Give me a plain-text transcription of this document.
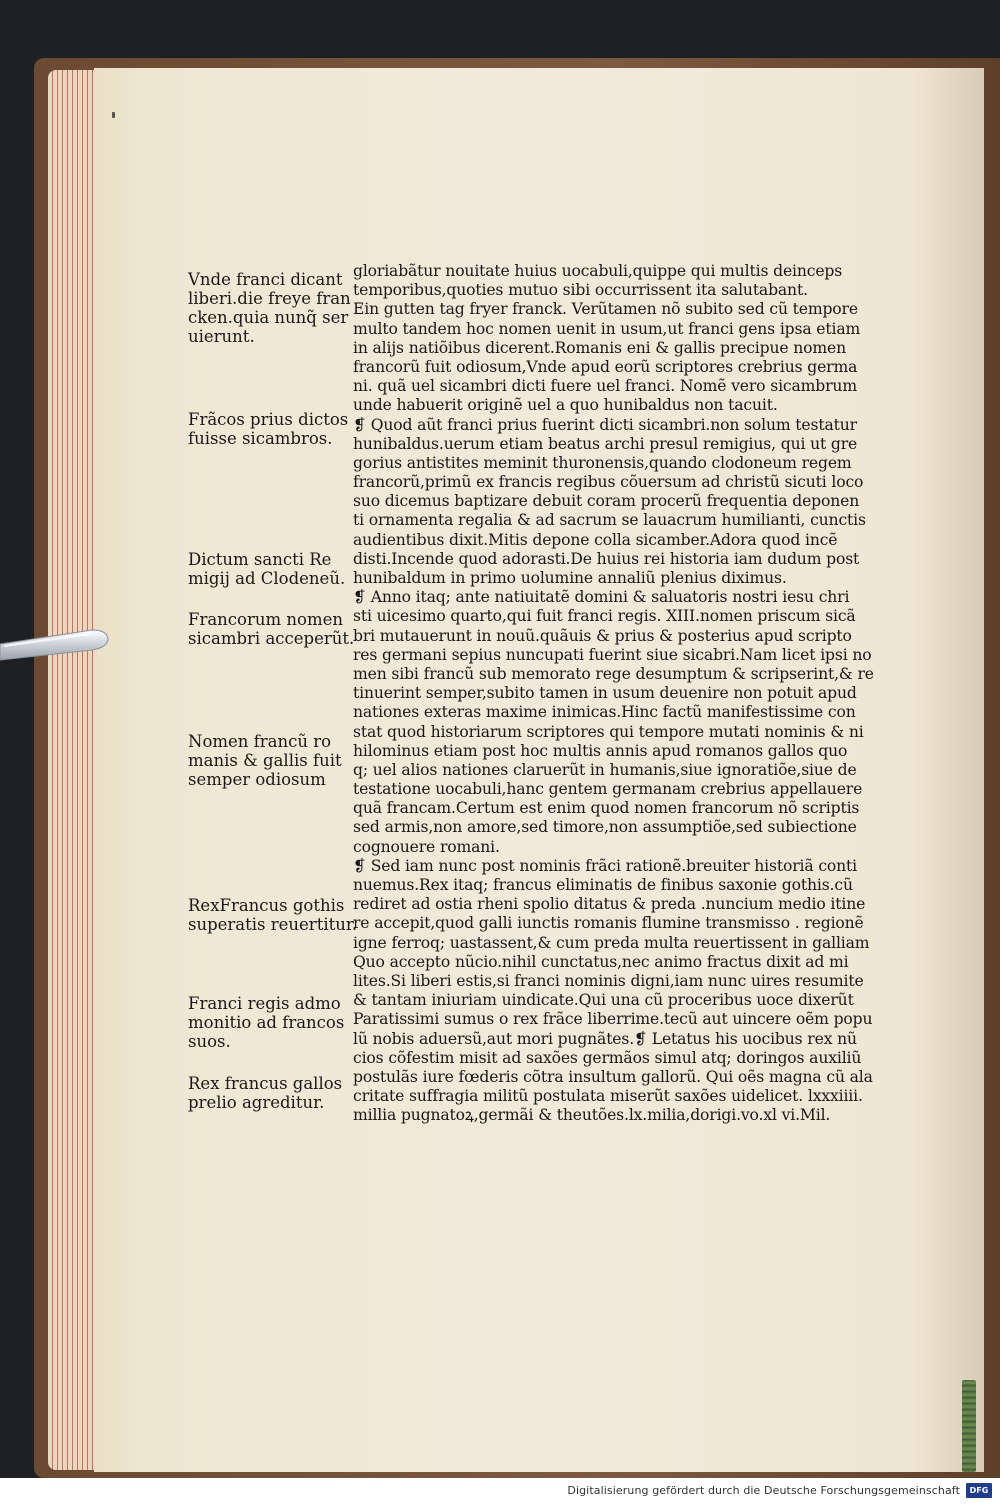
Vnde franci dicant
liberi.die freye fran
cken.quia nunq̃ ser
uierunt.
Frãcos prius dictos
fuisse sicambros.
Dictum sancti Re
migij ad Clodeneũ.
Francorum nomen
sicambri acceperũt.
Nomen francũ ro
manis & gallis fuit
semper odiosum
RexFrancus gothis
superatis reuertitur.
Franci regis admo
monitio ad francos
suos.
Rex francus gallos
prelio agreditur.
gloriabãtur nouitate huius uocabuli,quippe qui multis deinceps
temporibus,quoties mutuo sibi occurrissent ita salutabant.
Ein gutten tag fryer franck. Verũtamen nõ subito sed cũ tempore
multo tandem hoc nomen uenit in usum,ut franci gens ipsa etiam
in alijs natiõibus dicerent.Romanis eni & gallis precipue nomen
francorũ fuit odiosum,Vnde apud eorũ scriptores crebrius germa
ni. quã uel sicambri dicti fuere uel franci. Nomẽ vero sicambrum
unde habuerit originẽ uel a quo hunibaldus non tacuit.
❡ Quod aũt franci prius fuerint dicti sicambri.non solum testatur
hunibaldus.uerum etiam beatus archi presul remigius, qui ut gre
gorius antistites meminit thuronensis,quando clodoneum regem
francorũ,primũ ex francis regibus cõuersum ad christũ sicuti loco
suo dicemus baptizare debuit coram procerũ frequentia deponen
ti ornamenta regalia & ad sacrum se lauacrum humilianti, cunctis
audientibus dixit.Mitis depone colla sicamber.Adora quod incẽ
disti.Incende quod adorasti.De huius rei historia iam dudum post
hunibaldum in primo uolumine annaliũ plenius diximus.
❡ Anno itaq; ante natiuitatẽ domini & saluatoris nostri iesu chri
sti uicesimo quarto,qui fuit franci regis. XIII.nomen priscum sicã
bri mutauerunt in nouũ.quãuis & prius & posterius apud scripto
res germani sepius nuncupati fuerint siue sicabri.Nam licet ipsi no
men sibi francũ sub memorato rege desumptum & scripserint,& re
tinuerint semper,subito tamen in usum deuenire non potuit apud
nationes exteras maxime inimicas.Hinc factũ manifestissime con
stat quod historiarum scriptores qui tempore mutati nominis & ni
hilominus etiam post hoc multis annis apud romanos gallos quo
q; uel alios nationes claruerũt in humanis,siue ignoratiõe,siue de
testatione uocabuli,hanc gentem germanam crebrius appellauere
quã francam.Certum est enim quod nomen francorum nõ scriptis
sed armis,non amore,sed timore,non assumptiõe,sed subiectione
cognouere romani.
❡ Sed iam nunc post nominis frãci rationẽ.breuiter historiã conti
nuemus.Rex itaq; francus eliminatis de finibus saxonie gothis.cũ
rediret ad ostia rheni spolio ditatus & preda .nuncium medio itine
re accepit,quod galli iunctis romanis flumine transmisso . regionẽ
igne ferroq; uastassent,& cum preda multa reuertissent in galliam
Quo accepto nũcio.nihil cunctatus,nec animo fractus dixit ad mi
lites.Si liberi estis,si franci nominis digni,iam nunc uires resumite
& tantam iniuriam uindicate.Qui una cũ proceribus uoce dixerũt
Paratissimi sumus o rex frãce liberrime.tecũ aut uincere oẽm popu
lũ nobis aduersũ,aut mori pugnãtes.❡ Letatus his uocibus rex nũ
cios cõfestim misit ad saxões germãos simul atq; doringos auxiliũ
postulãs iure fœderis cõtra insultum gallorũ. Qui oẽs magna cũ ala
critate suffragia militũ postulata miserũt saxões uidelicet. lxxxiiii.
millia pugnatoꝝ,germãi & theutões.lx.milia,dorigi.vo.xl vi.Mil.
Digitalisierung gefördert durch die Deutsche Forschungsgemeinschaft	DFG
